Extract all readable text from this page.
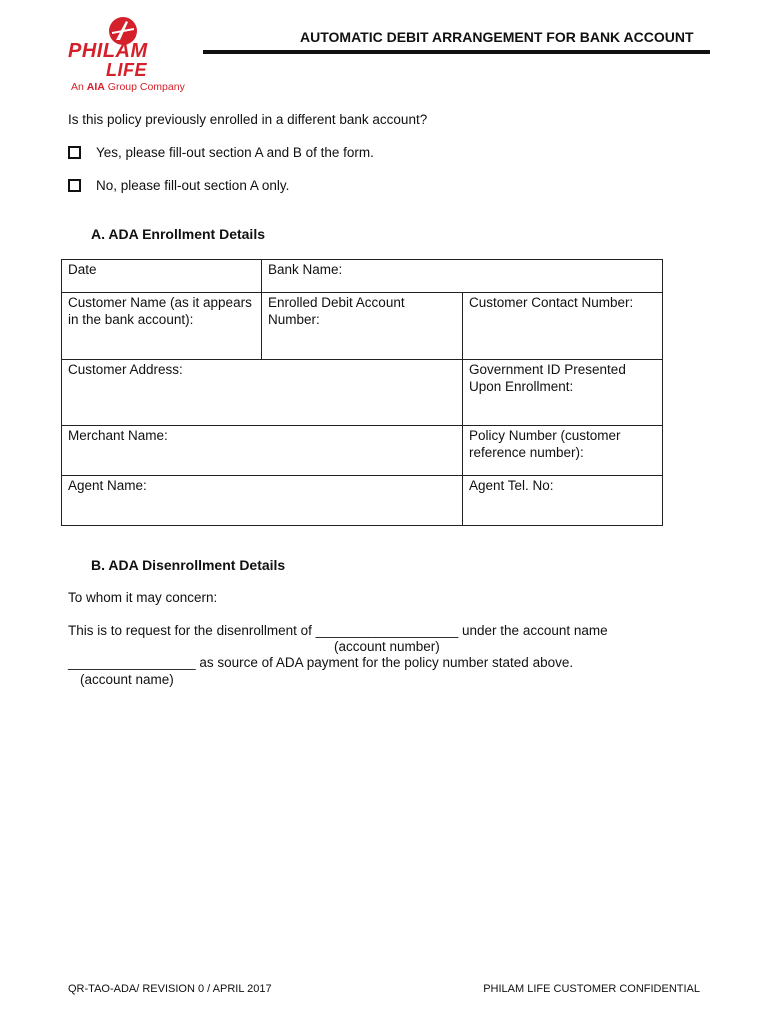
PHILAM
LIFE
An AIA Group Company
AUTOMATIC DEBIT ARRANGEMENT FOR BANK ACCOUNT
Is this policy previously enrolled in a different bank account?
Yes, please fill-out section A and B of the form.
No, please fill-out section A only.
A. ADA Enrollment Details
Date	Bank Name:	
Customer Name (as it appears in the bank account):	Enrolled Debit Account Number:	Customer Contact Number:
Customer Address:		Government ID Presented Upon Enrollment:
Merchant Name:		Policy Number (customer reference number):
Agent Name:		Agent Tel. No:
B. ADA Disenrollment Details
To whom it may concern:
This is to request for the disenrollment of ___________________ under the account name
(account number)
_________________ as source of ADA payment for the policy number stated above.
(account name)
QR-TAO-ADA/ REVISION 0 / APRIL 2017	PHILAM LIFE CUSTOMER CONFIDENTIAL
